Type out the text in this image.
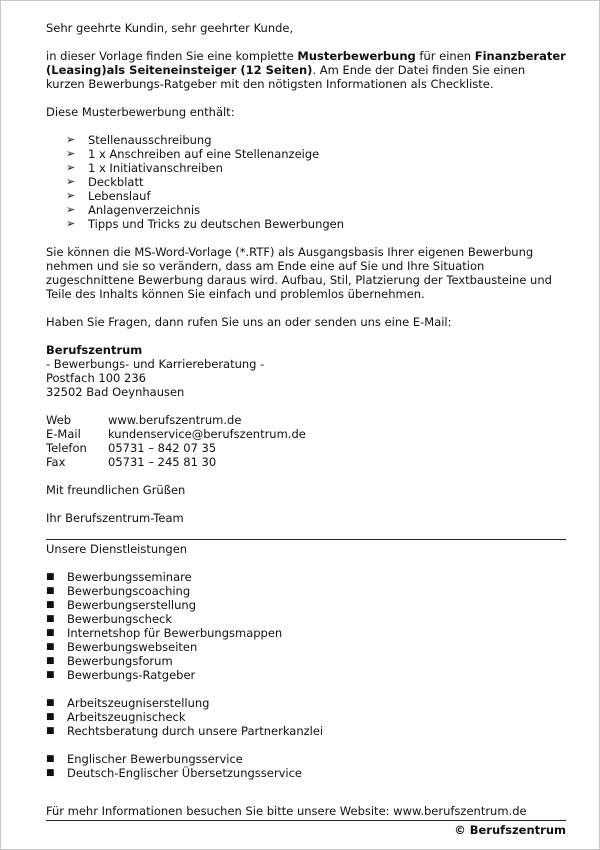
Sehr geehrte Kundin, sehr geehrter Kunde,

in dieser Vorlage finden Sie eine komplette Musterbewerbung für einen Finanzberater (Leasing)als Seiteneinsteiger (12 Seiten). Am Ende der Datei finden Sie einen kurzen Bewerbungs-Ratgeber mit den nötigsten Informationen als Checkliste.

Diese Musterbewerbung enthält:

➢	Stellenausschreibung
➢	1 x Anschreiben auf eine Stellenanzeige
➢	1 x Initiativanschreiben
➢	Deckblatt
➢	Lebenslauf
➢	Anlagenverzeichnis
➢	Tipps und Tricks zu deutschen Bewerbungen

Sie können die MS-Word-Vorlage (*.RTF) als Ausgangsbasis Ihrer eigenen Bewerbung nehmen und sie so verändern, dass am Ende eine auf Sie und Ihre Situation zugeschnittene Bewerbung daraus wird. Aufbau, Stil, Platzierung der Textbausteine und Teile des Inhalts können Sie einfach und problemlos übernehmen.

Haben Sie Fragen, dann rufen Sie uns an oder senden uns eine E-Mail:

Berufszentrum

- Bewerbungs- und Karriereberatung -

Postfach 100 236

32502 Bad Oeynhausen

Web	www.berufszentrum.de
E-Mail	kundenservice@berufszentrum.de
Telefon	05731 – 842 07 35
Fax	05731 – 245 81 30

Mit freundlichen Grüßen

Ihr Berufszentrum-Team

Unsere Dienstleistungen

■	Bewerbungsseminare
■	Bewerbungscoaching
■	Bewerbungserstellung
■	Bewerbungscheck
■	Internetshop für Bewerbungsmappen
■	Bewerbungswebseiten
■	Bewerbungsforum
■	Bewerbungs-Ratgeber
■	Arbeitszeugniserstellung
■	Arbeitszeugnischeck
■	Rechtsberatung durch unsere Partnerkanzlei
■	Englischer Bewerbungsservice
■	Deutsch-Englischer Übersetzungsservice

Für mehr Informationen besuchen Sie bitte unsere Website: www.berufszentrum.de

© Berufszentrum
